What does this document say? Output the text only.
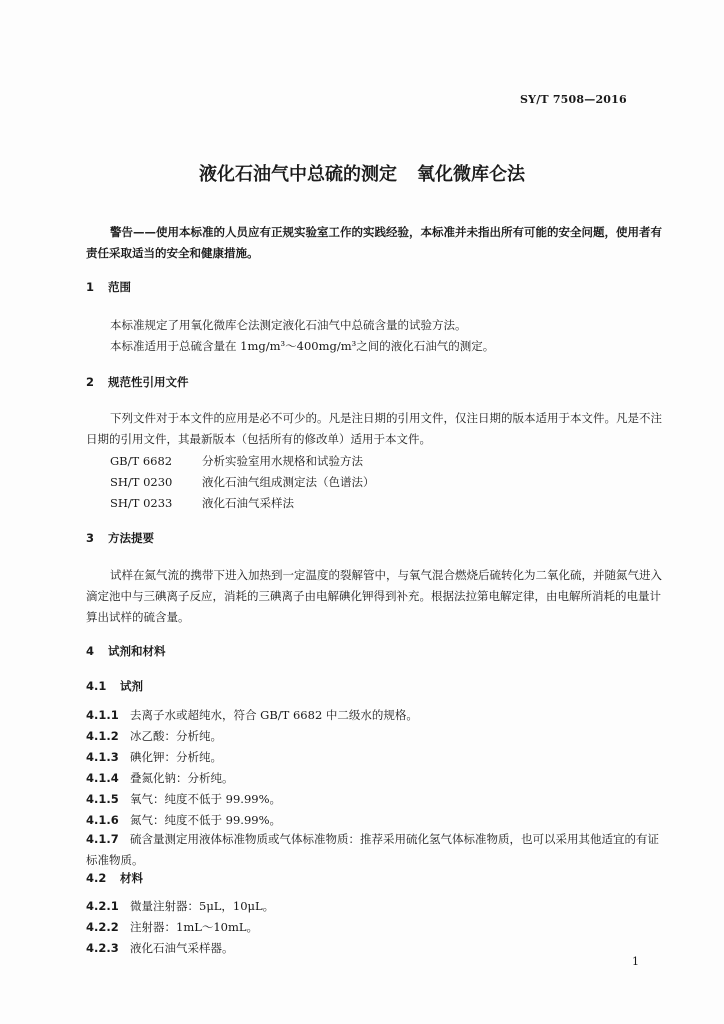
SY/T 7508—2016
液化石油气中总硫的测定 氧化微库仑法
警告——使用本标准的人员应有正规实验室工作的实践经验，本标准并未指出所有可能的安全问题，使用者有责任采取适当的安全和健康措施。
1 范围
本标准规定了用氧化微库仑法测定液化石油气中总硫含量的试验方法。
本标准适用于总硫含量在 1mg/m³～400mg/m³之间的液化石油气的测定。
2 规范性引用文件
下列文件对于本文件的应用是必不可少的。凡是注日期的引用文件，仅注日期的版本适用于本文件。凡是不注日期的引用文件，其最新版本（包括所有的修改单）适用于本文件。
GB/T 6682	分析实验室用水规格和试验方法
SH/T 0230	液化石油气组成测定法（色谱法）
SH/T 0233	液化石油气采样法
3 方法提要
试样在氮气流的携带下进入加热到一定温度的裂解管中，与氧气混合燃烧后硫转化为二氧化硫，并随氮气进入滴定池中与三碘离子反应，消耗的三碘离子由电解碘化钾得到补充。根据法拉第电解定律，由电解所消耗的电量计算出试样的硫含量。
4 试剂和材料
4.1 试剂
4.1.1 去离子水或超纯水，符合 GB/T 6682 中二级水的规格。
4.1.2 冰乙酸：分析纯。
4.1.3 碘化钾：分析纯。
4.1.4 叠氮化钠：分析纯。
4.1.5 氧气：纯度不低于 99.99%。
4.1.6 氮气：纯度不低于 99.99%。
4.1.7 硫含量测定用液体标准物质或气体标准物质：推荐采用硫化氢气体标准物质，也可以采用其他适宜的有证标准物质。
4.2 材料
4.2.1 微量注射器：5μL，10μL。
4.2.2 注射器：1mL～10mL。
4.2.3 液化石油气采样器。
1
